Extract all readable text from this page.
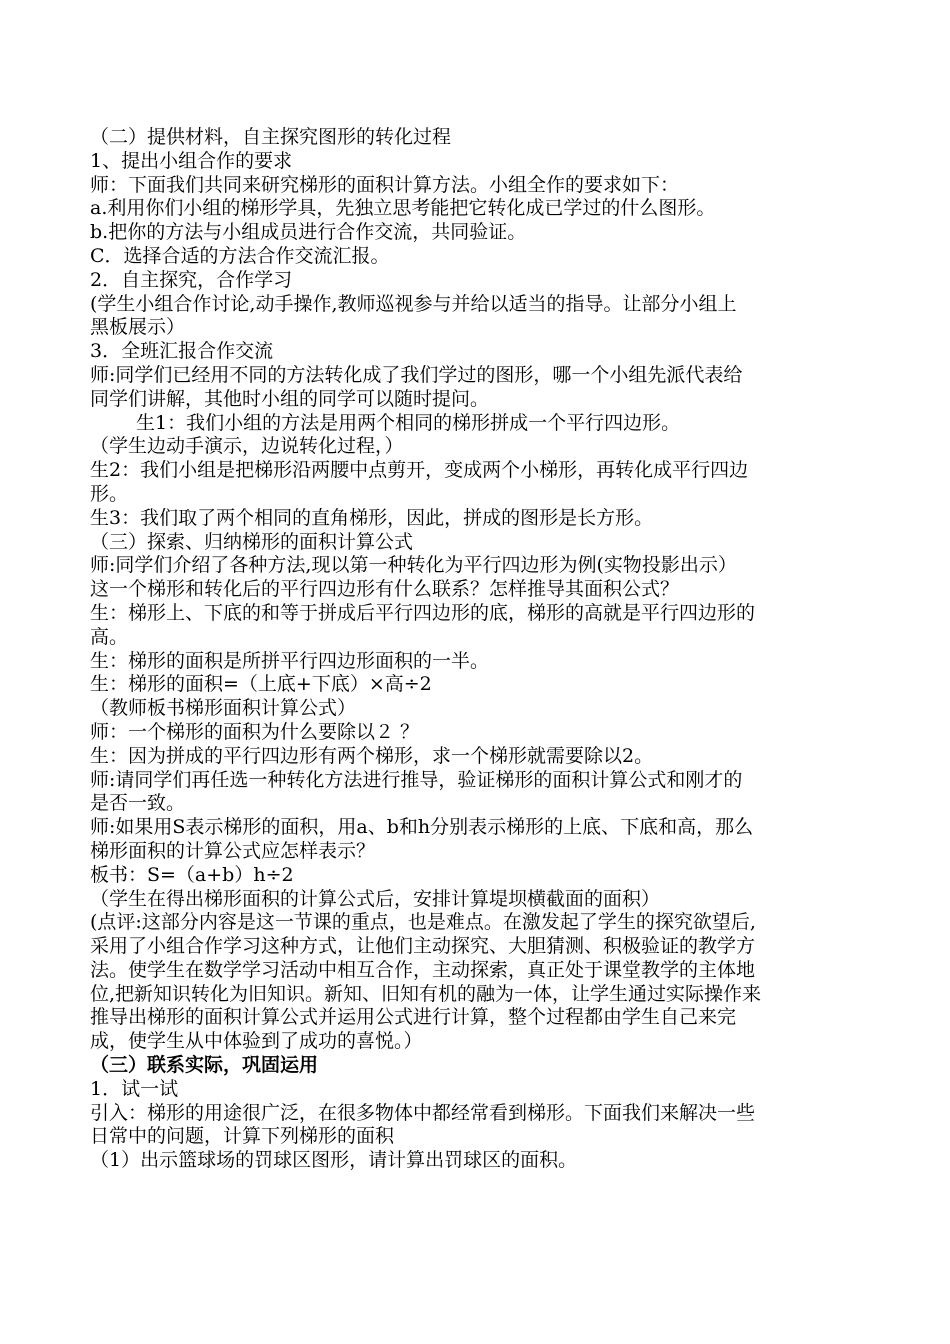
（二）提供材料，自主探究图形的转化过程
1、提出小组合作的要求
师：下面我们共同来研究梯形的面积计算方法。小组全作的要求如下：
a.利用你们小组的梯形学具，先独立思考能把它转化成已学过的什么图形。
b.把你的方法与小组成员进行合作交流，共同验证。
C．选择合适的方法合作交流汇报。
2．自主探究，合作学习
(学生小组合作讨论,动手操作,教师巡视参与并给以适当的指导。让部分小组上
黑板展示）
3．全班汇报合作交流
师:同学们已经用不同的方法转化成了我们学过的图形，哪一个小组先派代表给
同学们讲解，其他时小组的同学可以随时提问。
生1：我们小组的方法是用两个相同的梯形拼成一个平行四边形。
（学生边动手演示，边说转化过程，）
生2：我们小组是把梯形沿两腰中点剪开，变成两个小梯形，再转化成平行四边
形。
生3：我们取了两个相同的直角梯形，因此，拼成的图形是长方形。
（三）探索、归纳梯形的面积计算公式
师:同学们介绍了各种方法,现以第一种转化为平行四边形为例(实物投影出示）
这一个梯形和转化后的平行四边形有什么联系？怎样推导其面积公式？
生：梯形上、下底的和等于拼成后平行四边形的底，梯形的高就是平行四边形的
高。
生：梯形的面积是所拼平行四边形面积的一半。
生：梯形的面积=（上底+下底）×高÷2
（教师板书梯形面积计算公式）
师：一个梯形的面积为什么要除以２ ？
生：因为拼成的平行四边形有两个梯形，求一个梯形就需要除以2。
师:请同学们再任选一种转化方法进行推导，验证梯形的面积计算公式和刚才的
是否一致。
师:如果用S表示梯形的面积，用a、b和h分别表示梯形的上底、下底和高，那么
梯形面积的计算公式应怎样表示？
板书：S=（a+b）h÷2
（学生在得出梯形面积的计算公式后，安排计算堤坝横截面的面积）
(点评:这部分内容是这一节课的重点，也是难点。在激发起了学生的探究欲望后,
采用了小组合作学习这种方式，让他们主动探究、大胆猜测、积极验证的教学方
法。使学生在数学学习活动中相互合作，主动探索，真正处于课堂教学的主体地
位,把新知识转化为旧知识。新知、旧知有机的融为一体，让学生通过实际操作来
推导出梯形的面积计算公式并运用公式进行计算，整个过程都由学生自己来完
成，使学生从中体验到了成功的喜悦。）
（三）联系实际，巩固运用
1．试一试
引入：梯形的用途很广泛，在很多物体中都经常看到梯形。下面我们来解决一些
日常中的问题，计算下列梯形的面积
（1）出示篮球场的罚球区图形，请计算出罚球区的面积。
